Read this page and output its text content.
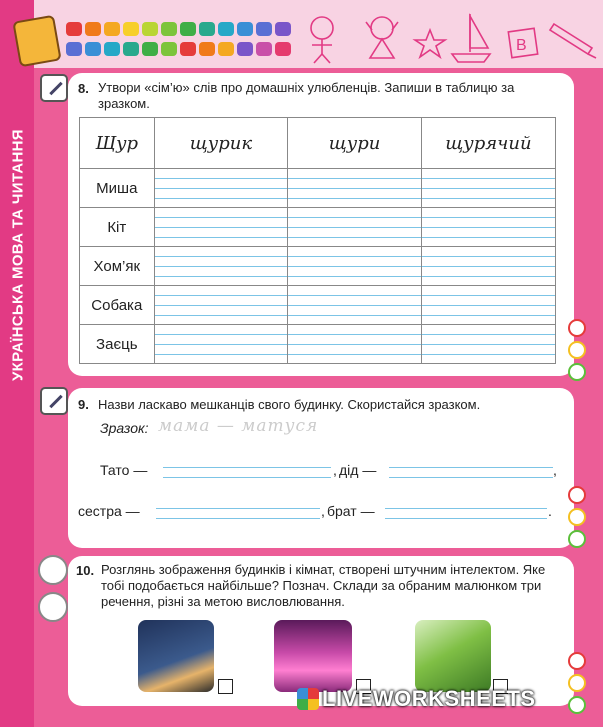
УКРАЇНСЬКА МОВА ТА ЧИТАННЯ
B
8. Утвори «сім’ю» слів про домашніх улюбленців. Запиши в таблицю за зразком.
Щур	щурик	щури	щурячий
Миша	

Кіт	

Хом’як	

Собака	

Заєць	

9. Назви ласкаво мешканців свого будинку. Скористайся зразком.
Зразок: мама — матуся
Тато —	, дід —	,
сестра —	, брат —	.
10. Розглянь зображення будинків і кімнат, створені штучним інтелектом. Яке тобі подобається найбільше? Познач. Склади за обраним малюнком три речення, різні за метою висловлювання.
LIVEWORKSHEETS
